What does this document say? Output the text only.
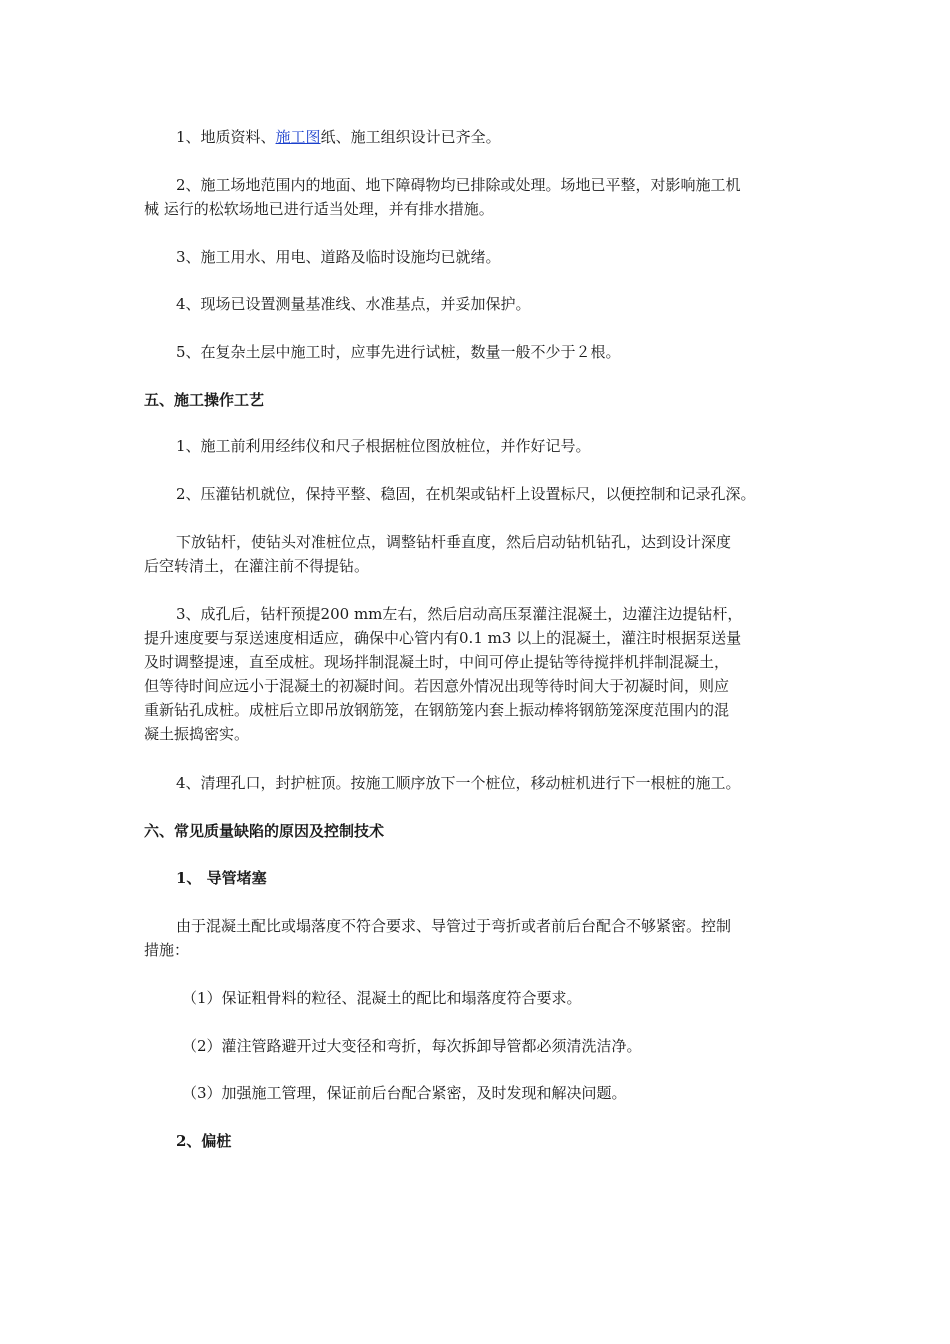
1、地质资料、施工图纸、施工组织设计已齐全。

2、施工场地范围内的地面、地下障碍物均已排除或处理。场地已平整，对影响施工机

械 运行的松软场地已进行适当处理，并有排水措施。

3、施工用水、用电、道路及临时设施均已就绪。

4、现场已设置测量基准线、水准基点，并妥加保护。

5、在复杂土层中施工时，应事先进行试桩，数量一般不少于２根。

五、施工操作工艺

1、施工前利用经纬仪和尺子根据桩位图放桩位，并作好记号。

2、压灌钻机就位，保持平整、稳固，在机架或钻杆上设置标尺，以便控制和记录孔深。

下放钻杆，使钻头对准桩位点，调整钻杆垂直度，然后启动钻机钻孔，达到设计深度

后空转清土，在灌注前不得提钻。

3、成孔后，钻杆预提200 mm左右，然后启动高压泵灌注混凝土，边灌注边提钻杆，

提升速度要与泵送速度相适应，确保中心管内有0.1 m3 以上的混凝土，灌注时根据泵送量

及时调整提速，直至成桩。现场拌制混凝土时，中间可停止提钻等待搅拌机拌制混凝土，

但等待时间应远小于混凝土的初凝时间。若因意外情况出现等待时间大于初凝时间，则应

重新钻孔成桩。成桩后立即吊放钢筋笼，在钢筋笼内套上振动棒将钢筋笼深度范围内的混

凝土振捣密实。

4、清理孔口，封护桩顶。按施工顺序放下一个桩位，移动桩机进行下一根桩的施工。

六、常见质量缺陷的原因及控制技术

1、 导管堵塞

由于混凝土配比或塌落度不符合要求、导管过于弯折或者前后台配合不够紧密。控制

措施：

（1）保证粗骨料的粒径、混凝土的配比和塌落度符合要求。

（2）灌注管路避开过大变径和弯折，每次拆卸导管都必须清洗洁净。

（3）加强施工管理，保证前后台配合紧密，及时发现和解决问题。

2、偏桩
